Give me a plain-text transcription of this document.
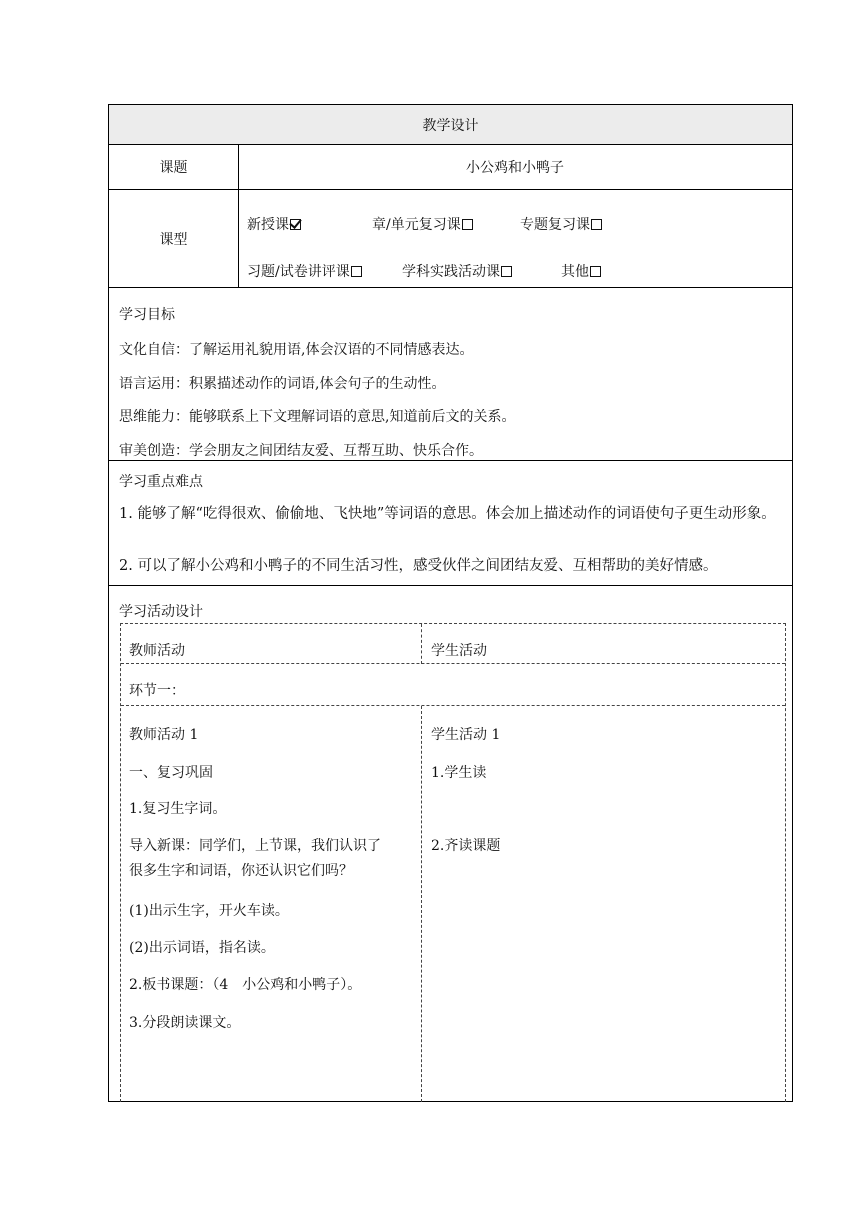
教学设计
课题	小公鸡和小鸭子
课型
新授课	章/单元复习课	专题复习课
习题/试卷讲评课	学科实践活动课	其他
学习目标
文化自信：了解运用礼貌用语,体会汉语的不同情感表达。
语言运用：积累描述动作的词语,体会句子的生动性。
思维能力：能够联系上下文理解词语的意思,知道前后文的关系。
审美创造：学会朋友之间团结友爱、互帮互助、快乐合作。
学习重点难点
1. 能够了解“吃得很欢、偷偷地、飞快地”等词语的意思。体会加上描述动作的词语使句子更生动形象。
2. 可以了解小公鸡和小鸭子的不同生活习性，感受伙伴之间团结友爱、互相帮助的美好情感。
学习活动设计
教师活动	学生活动
环节一：
教师活动 1
一、复习巩固
1.复习生字词。
导入新课：同学们，上节课，我们认识了
很多生字和词语，你还认识它们吗？
(1)出示生字，开火车读。
(2)出示词语，指名读。
2.板书课题：（4　小公鸡和小鸭子）。
3.分段朗读课文。
学生活动 1
1.学生读
2.齐读课题
